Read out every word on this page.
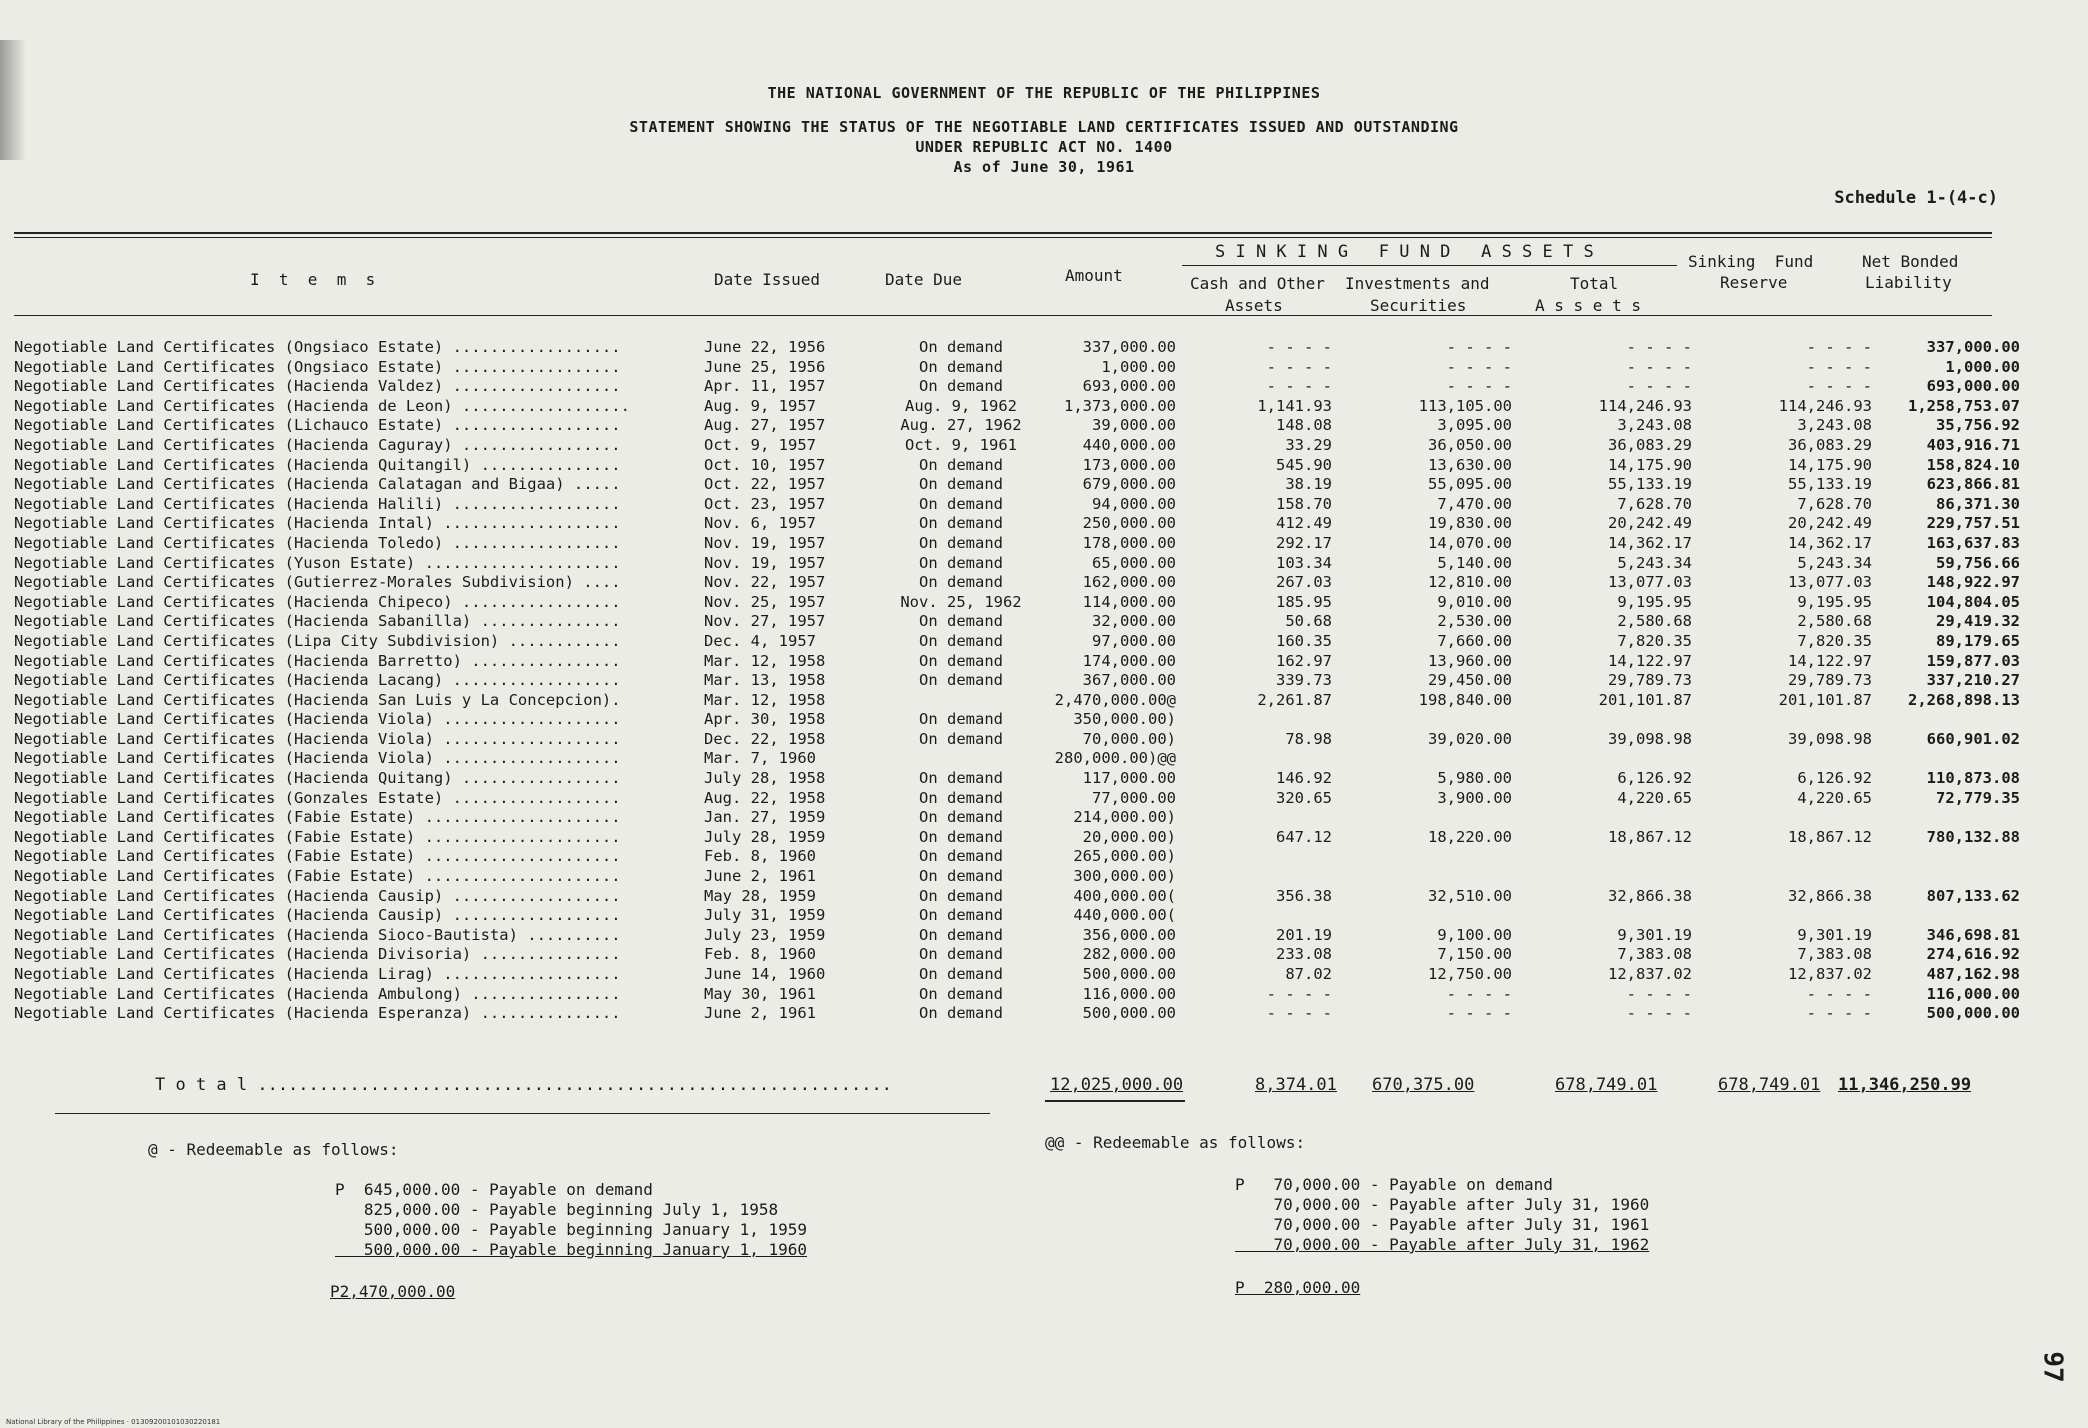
THE NATIONAL GOVERNMENT OF THE REPUBLIC OF THE PHILIPPINES
STATEMENT SHOWING THE STATUS OF THE NEGOTIABLE LAND CERTIFICATES ISSUED AND OUTSTANDING
UNDER REPUBLIC ACT NO. 1400
As of June 30, 1961
Schedule 1-(4-c)
I  t  e  m  s	Date Issued	Date Due	Amount
S I N K I N G   F U N D   A S S E T S
Cash and Other
Assets
Investments and
Securities
Total
A s s e t s
Sinking  Fund
Reserve
Net Bonded
Liability
Negotiable Land Certificates (Ongsiaco Estate) ..................	June 22, 1956	On demand	337,000.00	- - - -	- - - -	- - - -	- - - -	337,000.00
Negotiable Land Certificates (Ongsiaco Estate) ..................	June 25, 1956	On demand	1,000.00	- - - -	- - - -	- - - -	- - - -	1,000.00
Negotiable Land Certificates (Hacienda Valdez) ..................	Apr. 11, 1957	On demand	693,000.00	- - - -	- - - -	- - - -	- - - -	693,000.00
Negotiable Land Certificates (Hacienda de Leon) ..................	Aug. 9, 1957	Aug. 9, 1962	1,373,000.00	1,141.93	113,105.00	114,246.93	114,246.93	1,258,753.07
Negotiable Land Certificates (Lichauco Estate) ..................	Aug. 27, 1957	Aug. 27, 1962	39,000.00	148.08	3,095.00	3,243.08	3,243.08	35,756.92
Negotiable Land Certificates (Hacienda Caguray) .................	Oct. 9, 1957	Oct. 9, 1961	440,000.00	33.29	36,050.00	36,083.29	36,083.29	403,916.71
Negotiable Land Certificates (Hacienda Quitangil) ...............	Oct. 10, 1957	On demand	173,000.00	545.90	13,630.00	14,175.90	14,175.90	158,824.10
Negotiable Land Certificates (Hacienda Calatagan and Bigaa) .....	Oct. 22, 1957	On demand	679,000.00	38.19	55,095.00	55,133.19	55,133.19	623,866.81
Negotiable Land Certificates (Hacienda Halili) ..................	Oct. 23, 1957	On demand	94,000.00	158.70	7,470.00	7,628.70	7,628.70	86,371.30
Negotiable Land Certificates (Hacienda Intal) ...................	Nov. 6, 1957	On demand	250,000.00	412.49	19,830.00	20,242.49	20,242.49	229,757.51
Negotiable Land Certificates (Hacienda Toledo) ..................	Nov. 19, 1957	On demand	178,000.00	292.17	14,070.00	14,362.17	14,362.17	163,637.83
Negotiable Land Certificates (Yuson Estate) .....................	Nov. 19, 1957	On demand	65,000.00	103.34	5,140.00	5,243.34	5,243.34	59,756.66
Negotiable Land Certificates (Gutierrez-Morales Subdivision) ....	Nov. 22, 1957	On demand	162,000.00	267.03	12,810.00	13,077.03	13,077.03	148,922.97
Negotiable Land Certificates (Hacienda Chipeco) .................	Nov. 25, 1957	Nov. 25, 1962	114,000.00	185.95	9,010.00	9,195.95	9,195.95	104,804.05
Negotiable Land Certificates (Hacienda Sabanilla) ...............	Nov. 27, 1957	On demand	32,000.00	50.68	2,530.00	2,580.68	2,580.68	29,419.32
Negotiable Land Certificates (Lipa City Subdivision) ............	Dec. 4, 1957	On demand	97,000.00	160.35	7,660.00	7,820.35	7,820.35	89,179.65
Negotiable Land Certificates (Hacienda Barretto) ................	Mar. 12, 1958	On demand	174,000.00	162.97	13,960.00	14,122.97	14,122.97	159,877.03
Negotiable Land Certificates (Hacienda Lacang) ..................	Mar. 13, 1958	On demand	367,000.00	339.73	29,450.00	29,789.73	29,789.73	337,210.27
Negotiable Land Certificates (Hacienda San Luis y La Concepcion).	Mar. 12, 1958		2,470,000.00@	2,261.87	198,840.00	201,101.87	201,101.87	2,268,898.13
Negotiable Land Certificates (Hacienda Viola) ...................	Apr. 30, 1958	On demand	350,000.00)					
Negotiable Land Certificates (Hacienda Viola) ...................	Dec. 22, 1958	On demand	70,000.00)	78.98	39,020.00	39,098.98	39,098.98	660,901.02
Negotiable Land Certificates (Hacienda Viola) ...................	Mar. 7, 1960		280,000.00)@@					
Negotiable Land Certificates (Hacienda Quitang) .................	July 28, 1958	On demand	117,000.00	146.92	5,980.00	6,126.92	6,126.92	110,873.08
Negotiable Land Certificates (Gonzales Estate) ..................	Aug. 22, 1958	On demand	77,000.00	320.65	3,900.00	4,220.65	4,220.65	72,779.35
Negotiable Land Certificates (Fabie Estate) .....................	Jan. 27, 1959	On demand	214,000.00)					
Negotiable Land Certificates (Fabie Estate) .....................	July 28, 1959	On demand	20,000.00)	647.12	18,220.00	18,867.12	18,867.12	780,132.88
Negotiable Land Certificates (Fabie Estate) .....................	Feb. 8, 1960	On demand	265,000.00)					
Negotiable Land Certificates (Fabie Estate) .....................	June 2, 1961	On demand	300,000.00)					
Negotiable Land Certificates (Hacienda Causip) ..................	May 28, 1959	On demand	400,000.00(	356.38	32,510.00	32,866.38	32,866.38	807,133.62
Negotiable Land Certificates (Hacienda Causip) ..................	July 31, 1959	On demand	440,000.00(					
Negotiable Land Certificates (Hacienda Sioco-Bautista) ..........	July 23, 1959	On demand	356,000.00	201.19	9,100.00	9,301.19	9,301.19	346,698.81
Negotiable Land Certificates (Hacienda Divisoria) ...............	Feb. 8, 1960	On demand	282,000.00	233.08	7,150.00	7,383.08	7,383.08	274,616.92
Negotiable Land Certificates (Hacienda Lirag) ...................	June 14, 1960	On demand	500,000.00	87.02	12,750.00	12,837.02	12,837.02	487,162.98
Negotiable Land Certificates (Hacienda Ambulong) ................	May 30, 1961	On demand	116,000.00	- - - -	- - - -	- - - -	- - - -	116,000.00
Negotiable Land Certificates (Hacienda Esperanza) ...............	June 2, 1961	On demand	500,000.00	- - - -	- - - -	- - - -	- - - -	500,000.00
T o t a l ..............................................................	12,025,000.00	8,374.01 670,375.00	678,749.01	678,749.01 11,346,250.99
@ - Redeemable as follows:
P  645,000.00 - Payable on demand
825,000.00 - Payable beginning July 1, 1958
500,000.00 - Payable beginning January 1, 1959
500,000.00 - Payable beginning January 1, 1960
P2,470,000.00
@@ - Redeemable as follows:
P   70,000.00 - Payable on demand
70,000.00 - Payable after July 31, 1960
70,000.00 - Payable after July 31, 1961
70,000.00 - Payable after July 31, 1962
P  280,000.00
97
National Library of the Philippines · 01309200101030220181
